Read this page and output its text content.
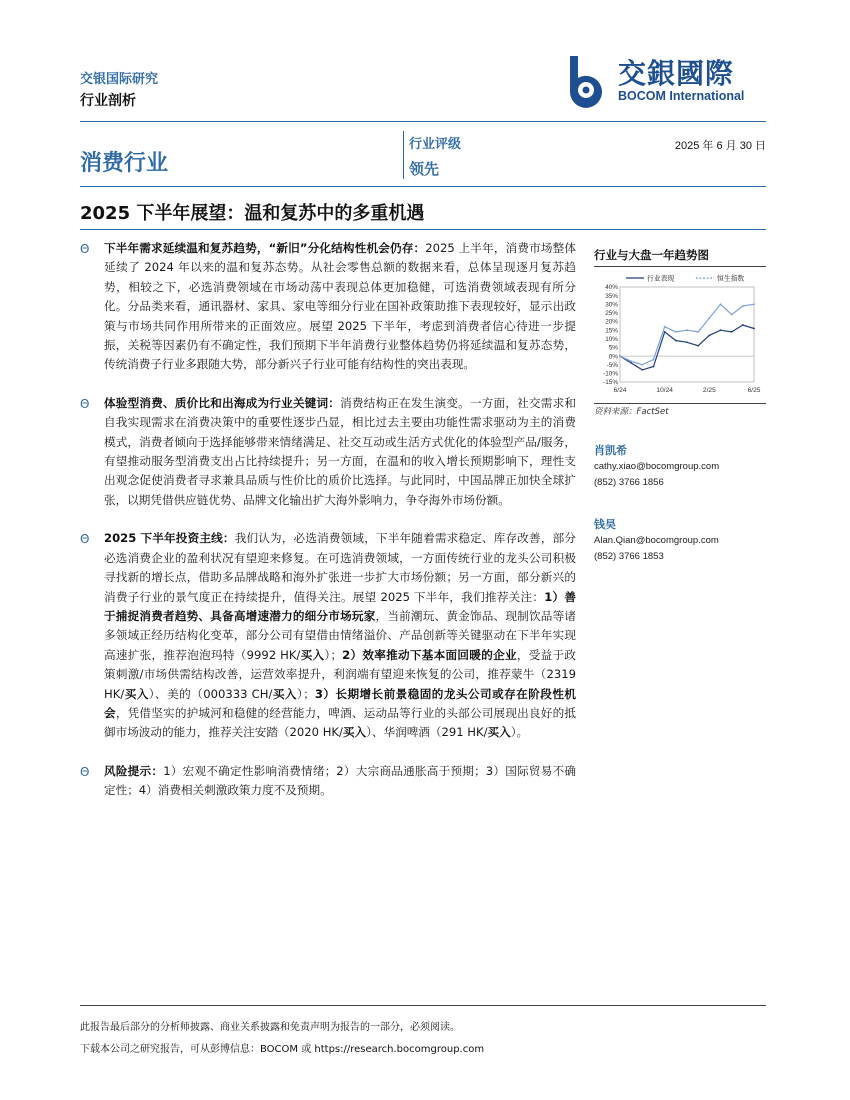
交银国际研究
行业剖析
交銀國際
BOCOM International
消费行业
行业评级
领先
2025 年 6 月 30 日
2025 下半年展望：温和复苏中的多重机遇
Θ	下半年需求延续温和复苏趋势，“新旧”分化结构性机会仍存：2025 上半年，消费市场整体延续了 2024 年以来的温和复苏态势。从社会零售总额的数据来看，总体呈现逐月复苏趋势，相较之下，必选消费领域在市场动荡中表现总体更加稳健，可选消费领域表现有所分化。分品类来看，通讯器材、家具、家电等细分行业在国补政策助推下表现较好，显示出政策与市场共同作用所带来的正面效应。展望 2025 下半年，考虑到消费者信心待进一步提振，关税等因素仍有不确定性，我们预期下半年消费行业整体趋势仍将延续温和复苏态势，传统消费子行业多跟随大势，部分新兴子行业可能有结构性的突出表现。
Θ	体验型消费、质价比和出海成为行业关键词：消费结构正在发生演变。一方面，社交需求和自我实现需求在消费决策中的重要性逐步凸显，相比过去主要由功能性需求驱动为主的消费模式，消费者倾向于选择能够带来情绪满足、社交互动或生活方式优化的体验型产品/服务，有望推动服务型消费支出占比持续提升；另一方面，在温和的收入增长预期影响下，理性支出观念促使消费者寻求兼具品质与性价比的质价比选择。与此同时，中国品牌正加快全球扩张，以期凭借供应链优势、品牌文化输出扩大海外影响力，争夺海外市场份额。
Θ	2025 下半年投资主线：我们认为，必选消费领域，下半年随着需求稳定、库存改善，部分必选消费企业的盈利状况有望迎来修复。在可选消费领域，一方面传统行业的龙头公司积极寻找新的增长点，借助多品牌战略和海外扩张进一步扩大市场份额；另一方面，部分新兴的消费子行业的景气度正在持续提升，值得关注。展望 2025 下半年，我们推荐关注：1）善于捕捉消费者趋势、具备高增速潜力的细分市场玩家，当前潮玩、黄金饰品、现制饮品等诸多领域正经历结构化变革，部分公司有望借由情绪溢价、产品创新等关键驱动在下半年实现高速扩张，推荐泡泡玛特（9992 HK/买入）；2）效率推动下基本面回暖的企业，受益于政策刺激/市场供需结构改善，运营效率提升，利润端有望迎来恢复的公司，推荐蒙牛（2319 HK/买入）、美的（000333 CH/买入）；3）长期增长前景稳固的龙头公司或存在阶段性机会，凭借坚实的护城河和稳健的经营能力，啤酒、运动品等行业的头部公司展现出良好的抵御市场波动的能力，推荐关注安踏（2020 HK/买入）、华润啤酒（291 HK/买入）。
Θ	风险提示：1）宏观不确定性影响消费情绪；2）大宗商品通胀高于预期；3）国际贸易不确定性；4）消费相关刺激政策力度不及预期。
行业与大盘一年趋势图
40%
35%
30%
25%
20%
15%
10%
5%
0%
-5%
-10%
-15%
6/24	10/24	2/25	6/25
行业表现	恒生指数
资料来源：FactSet
肖凯希
cathy.xiao@bocomgroup.com
(852) 3766 1856
钱昊
Alan.Qian@bocomgroup.com
(852) 3766 1853
此报告最后部分的分析师披露、商业关系披露和免责声明为报告的一部分，必须阅读。
下载本公司之研究报告，可从彭博信息：BOCOM 或 https://research.bocomgroup.com
